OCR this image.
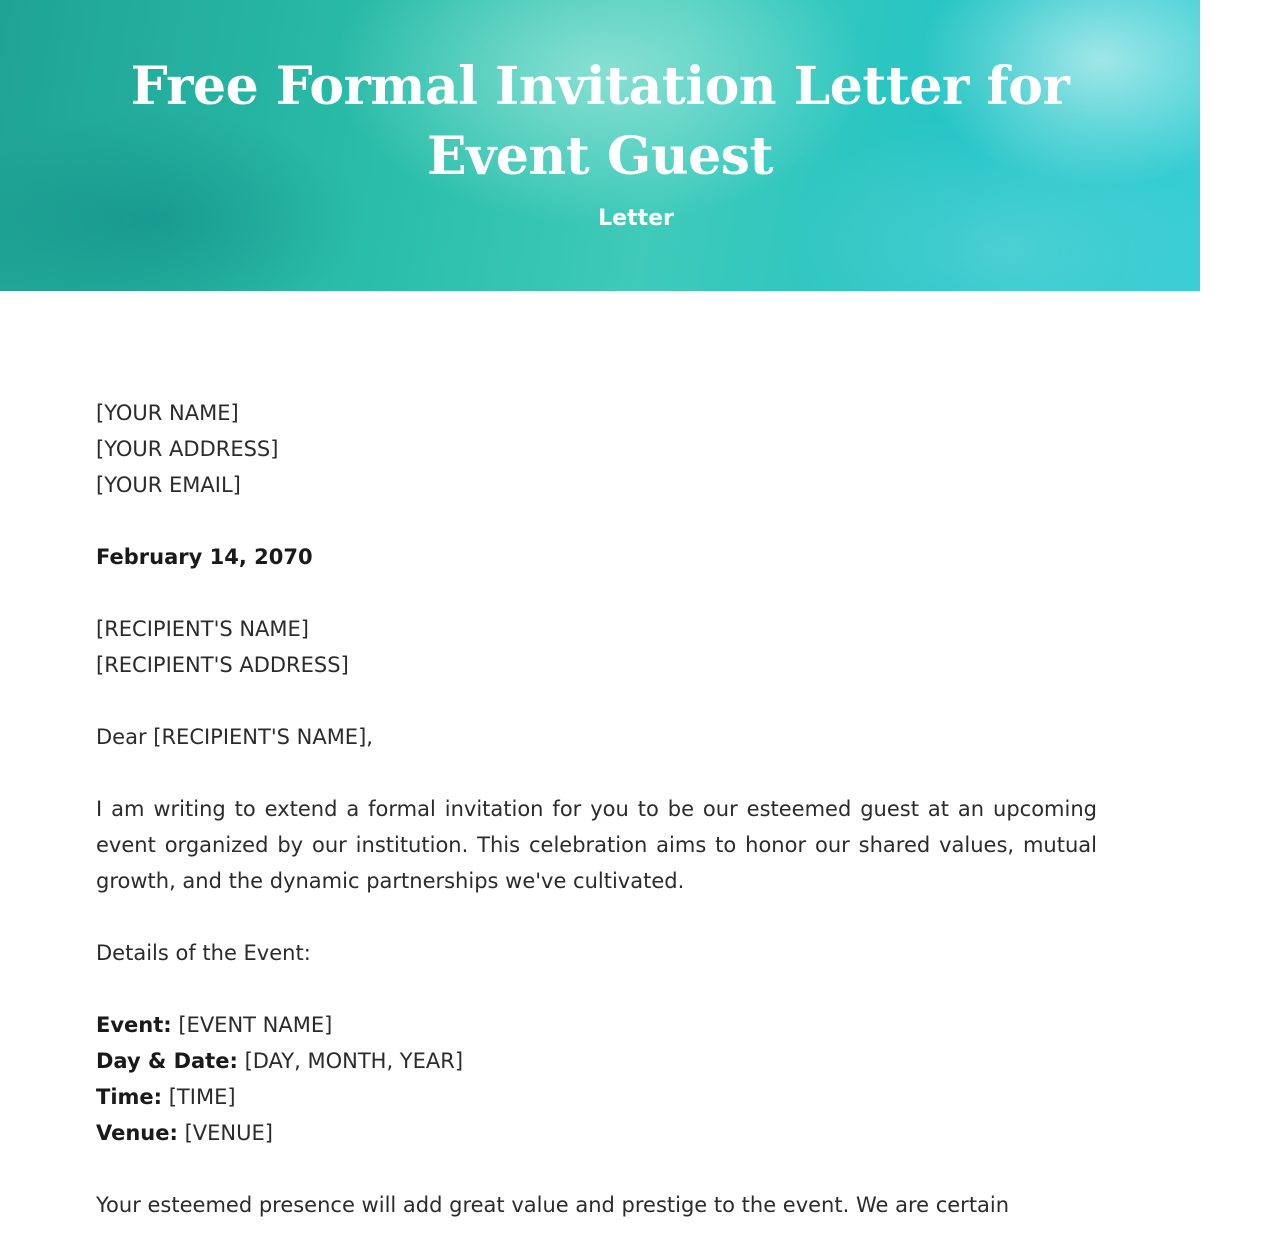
Free Formal Invitation Letter for Event Guest
Letter

[YOUR NAME]
[YOUR ADDRESS]
[YOUR EMAIL]

February 14, 2070

[RECIPIENT'S NAME]
[RECIPIENT'S ADDRESS]

Dear [RECIPIENT'S NAME],

I am writing to extend a formal invitation for you to be our esteemed guest at an upcoming event organized by our institution. This celebration aims to honor our shared values, mutual growth, and the dynamic partnerships we've cultivated.

Details of the Event:

Event: [EVENT NAME]
Day & Date: [DAY, MONTH, YEAR]
Time: [TIME]
Venue: [VENUE]

Your esteemed presence will add great value and prestige to the event. We are certain
